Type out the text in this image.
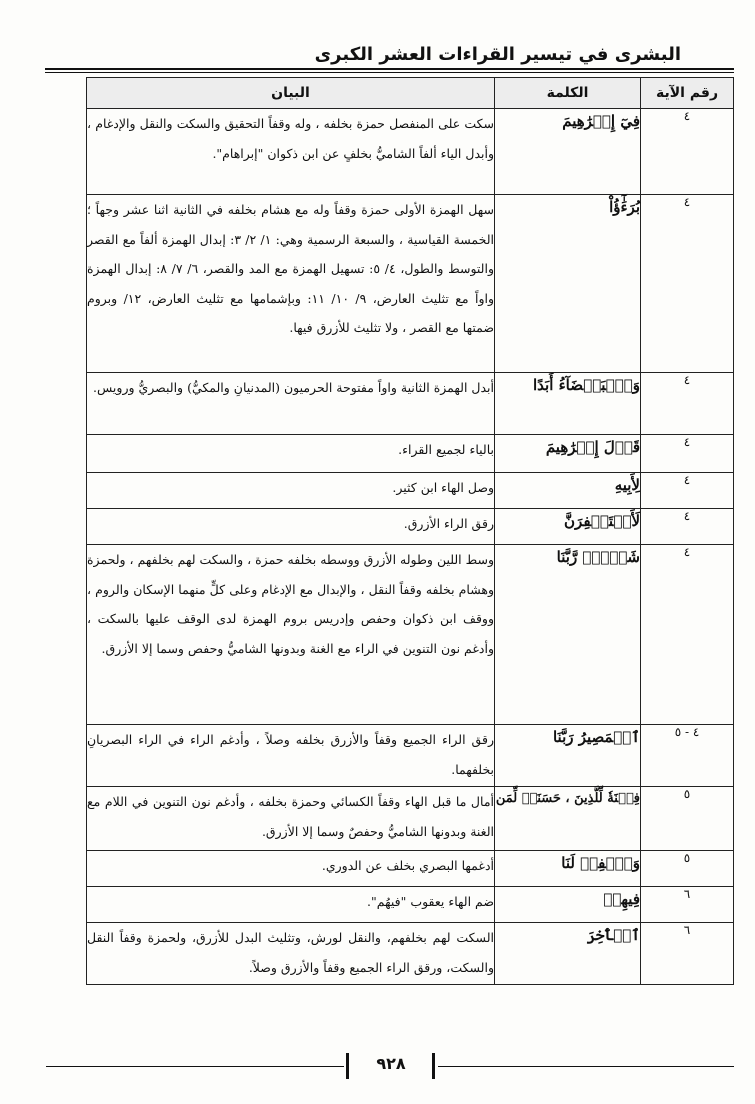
البشرى في تيسير القراءات العشر الكبرى
رقم الآية	الكلمة	البيان
٤	فِيٓ إِبۡرَٰهِيمَ	سكت على المنفصل حمزة بخلفه ، وله وقفاً التحقيق والسكت والنقل والإدغام ، وأبدل الياء ألفاً الشاميُّ بخلفٍ عن ابن ذكوان "إبراهام".
٤	بُرَءَٰٓؤُاْ	سهل الهمزة الأولى حمزة وقفاً وله مع هشام بخلفه في الثانية اثنا عشر وجهاً ؛ الخمسة القياسية ، والسبعة الرسمية وهي: ١/ ٢/ ٣: إبدال الهمزة ألفاً مع القصر والتوسط والطول، ٤/ ٥: تسهيل الهمزة مع المد والقصر، ٦/ ٧/ ٨: إبدال الهمزة واواً مع تثليث العارض، ٩/ ١٠/ ١١: وبإشمامها مع تثليث العارض، ١٢/ وبروم ضمتها مع القصر ، ولا تثليث للأزرق فيها.
٤	وَٱلۡبَغۡضَآءُ أَبَدًا	أبدل الهمزة الثانية واواً مفتوحة الحرميون (المدنيانِ والمكيُّ) والبصريُّ ورويس.
٤	قَوۡلَ إِبۡرَٰهِيمَ	بالياء لجميع القراء.
٤	لِأَبِيهِ	وصل الهاء ابن كثير.
٤	لَأَسۡتَغۡفِرَنَّ	رقق الراء الأزرق.
٤	شَيۡءٖۖ رَّبَّنَا	وسط اللين وطوله الأزرق ووسطه بخلفه حمزة ، والسكت لهم بخلفهم ، ولحمزة وهشام بخلفه وقفاً النقل ، والإبدال مع الإدغام وعلى كلٍّ منهما الإسكان والروم ، ووقف ابن ذكوان وحفص وإدريس بروم الهمزة لدى الوقف عليها بالسكت ، وأدغم نون التنوين في الراء مع الغنة وبدونها الشاميُّ وحفص وسما إلا الأزرق.
٤ - ٥	ٱلۡمَصِيرُ رَبَّنَا	رقق الراء الجميع وقفاً والأزرق بخلفه وصلاً ، وأدغم الراء في الراء البصريانِ بخلفهما.
٥	فِتۡنَةٗ لِّلَّذِينَ ، حَسَنَةٞ لِّمَن	أمال ما قبل الهاء وقفاً الكسائي وحمزة بخلفه ، وأدغم نون التنوين في اللام مع الغنة وبدونها الشاميُّ وحفصٌ وسما إلا الأزرق.
٥	وَٱغۡفِرۡ لَنَا	أدغمها البصري بخلف عن الدوري.
٦	فِيهِمۡ	ضم الهاء يعقوب "فيهُم".
٦	ٱلۡأٓخِرَ	السكت لهم بخلفهم، والنقل لورش، وتثليث البدل للأزرق، ولحمزة وقفاً النقل والسكت، ورقق الراء الجميع وقفاً والأزرق وصلاً.
٩٢٨
